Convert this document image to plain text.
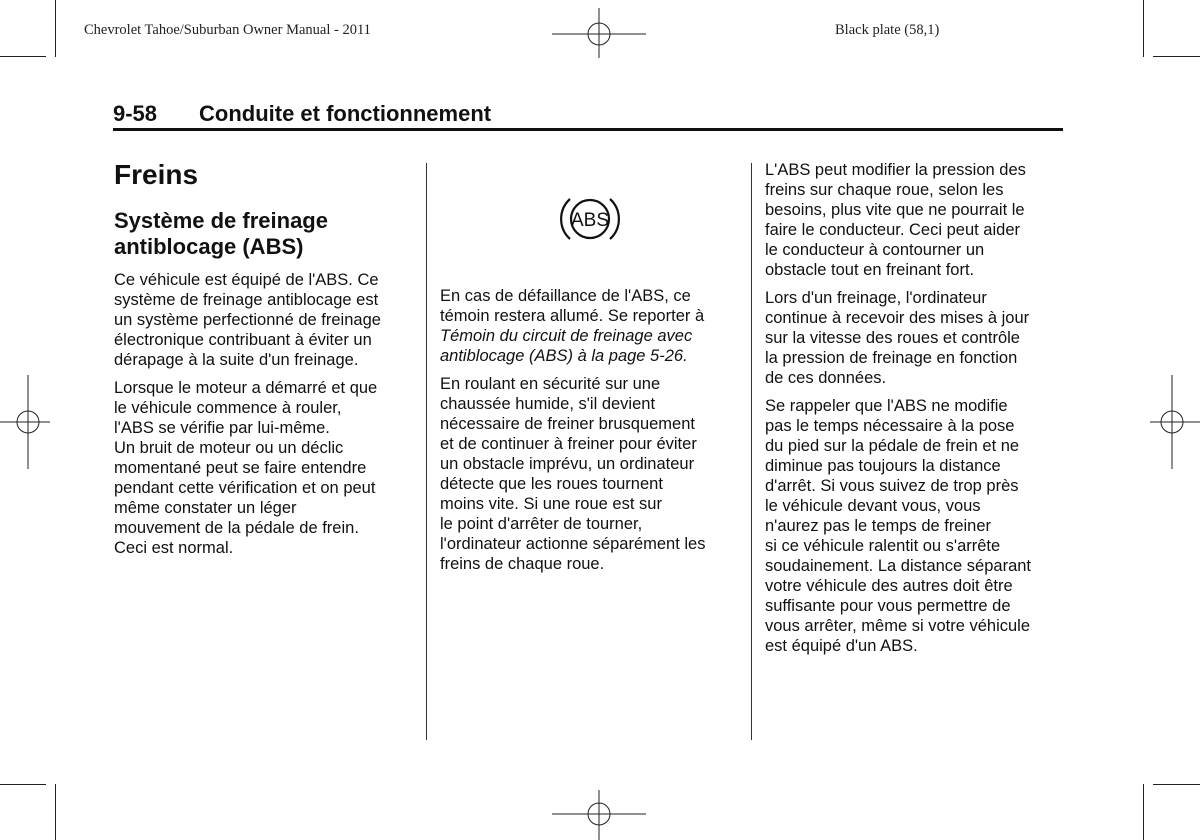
Chevrolet Tahoe/Suburban Owner Manual - 2011	Black plate (58,1)
9-58 Conduite et fonctionnement
Freins
Système de freinage
antiblocage (ABS)

Ce véhicule est équipé de l'ABS. Ce
système de freinage antiblocage est
un système perfectionné de freinage
électronique contribuant à éviter un
dérapage à la suite d'un freinage.

Lorsque le moteur a démarré et que
le véhicule commence à rouler,
l'ABS se vérifie par lui-même.
Un bruit de moteur ou un déclic
momentané peut se faire entendre
pendant cette vérification et on peut
même constater un léger
mouvement de la pédale de frein.
Ceci est normal.

ABS

En cas de défaillance de l'ABS, ce
témoin restera allumé. Se reporter à
Témoin du circuit de freinage avec
antiblocage (ABS) à la page 5-26.

En roulant en sécurité sur une
chaussée humide, s'il devient
nécessaire de freiner brusquement
et de continuer à freiner pour éviter
un obstacle imprévu, un ordinateur
détecte que les roues tournent
moins vite. Si une roue est sur
le point d'arrêter de tourner,
l'ordinateur actionne séparément les
freins de chaque roue.

L'ABS peut modifier la pression des
freins sur chaque roue, selon les
besoins, plus vite que ne pourrait le
faire le conducteur. Ceci peut aider
le conducteur à contourner un
obstacle tout en freinant fort.

Lors d'un freinage, l'ordinateur
continue à recevoir des mises à jour
sur la vitesse des roues et contrôle
la pression de freinage en fonction
de ces données.

Se rappeler que l'ABS ne modifie
pas le temps nécessaire à la pose
du pied sur la pédale de frein et ne
diminue pas toujours la distance
d'arrêt. Si vous suivez de trop près
le véhicule devant vous, vous
n'aurez pas le temps de freiner
si ce véhicule ralentit ou s'arrête
soudainement. La distance séparant
votre véhicule des autres doit être
suffisante pour vous permettre de
vous arrêter, même si votre véhicule
est équipé d'un ABS.
